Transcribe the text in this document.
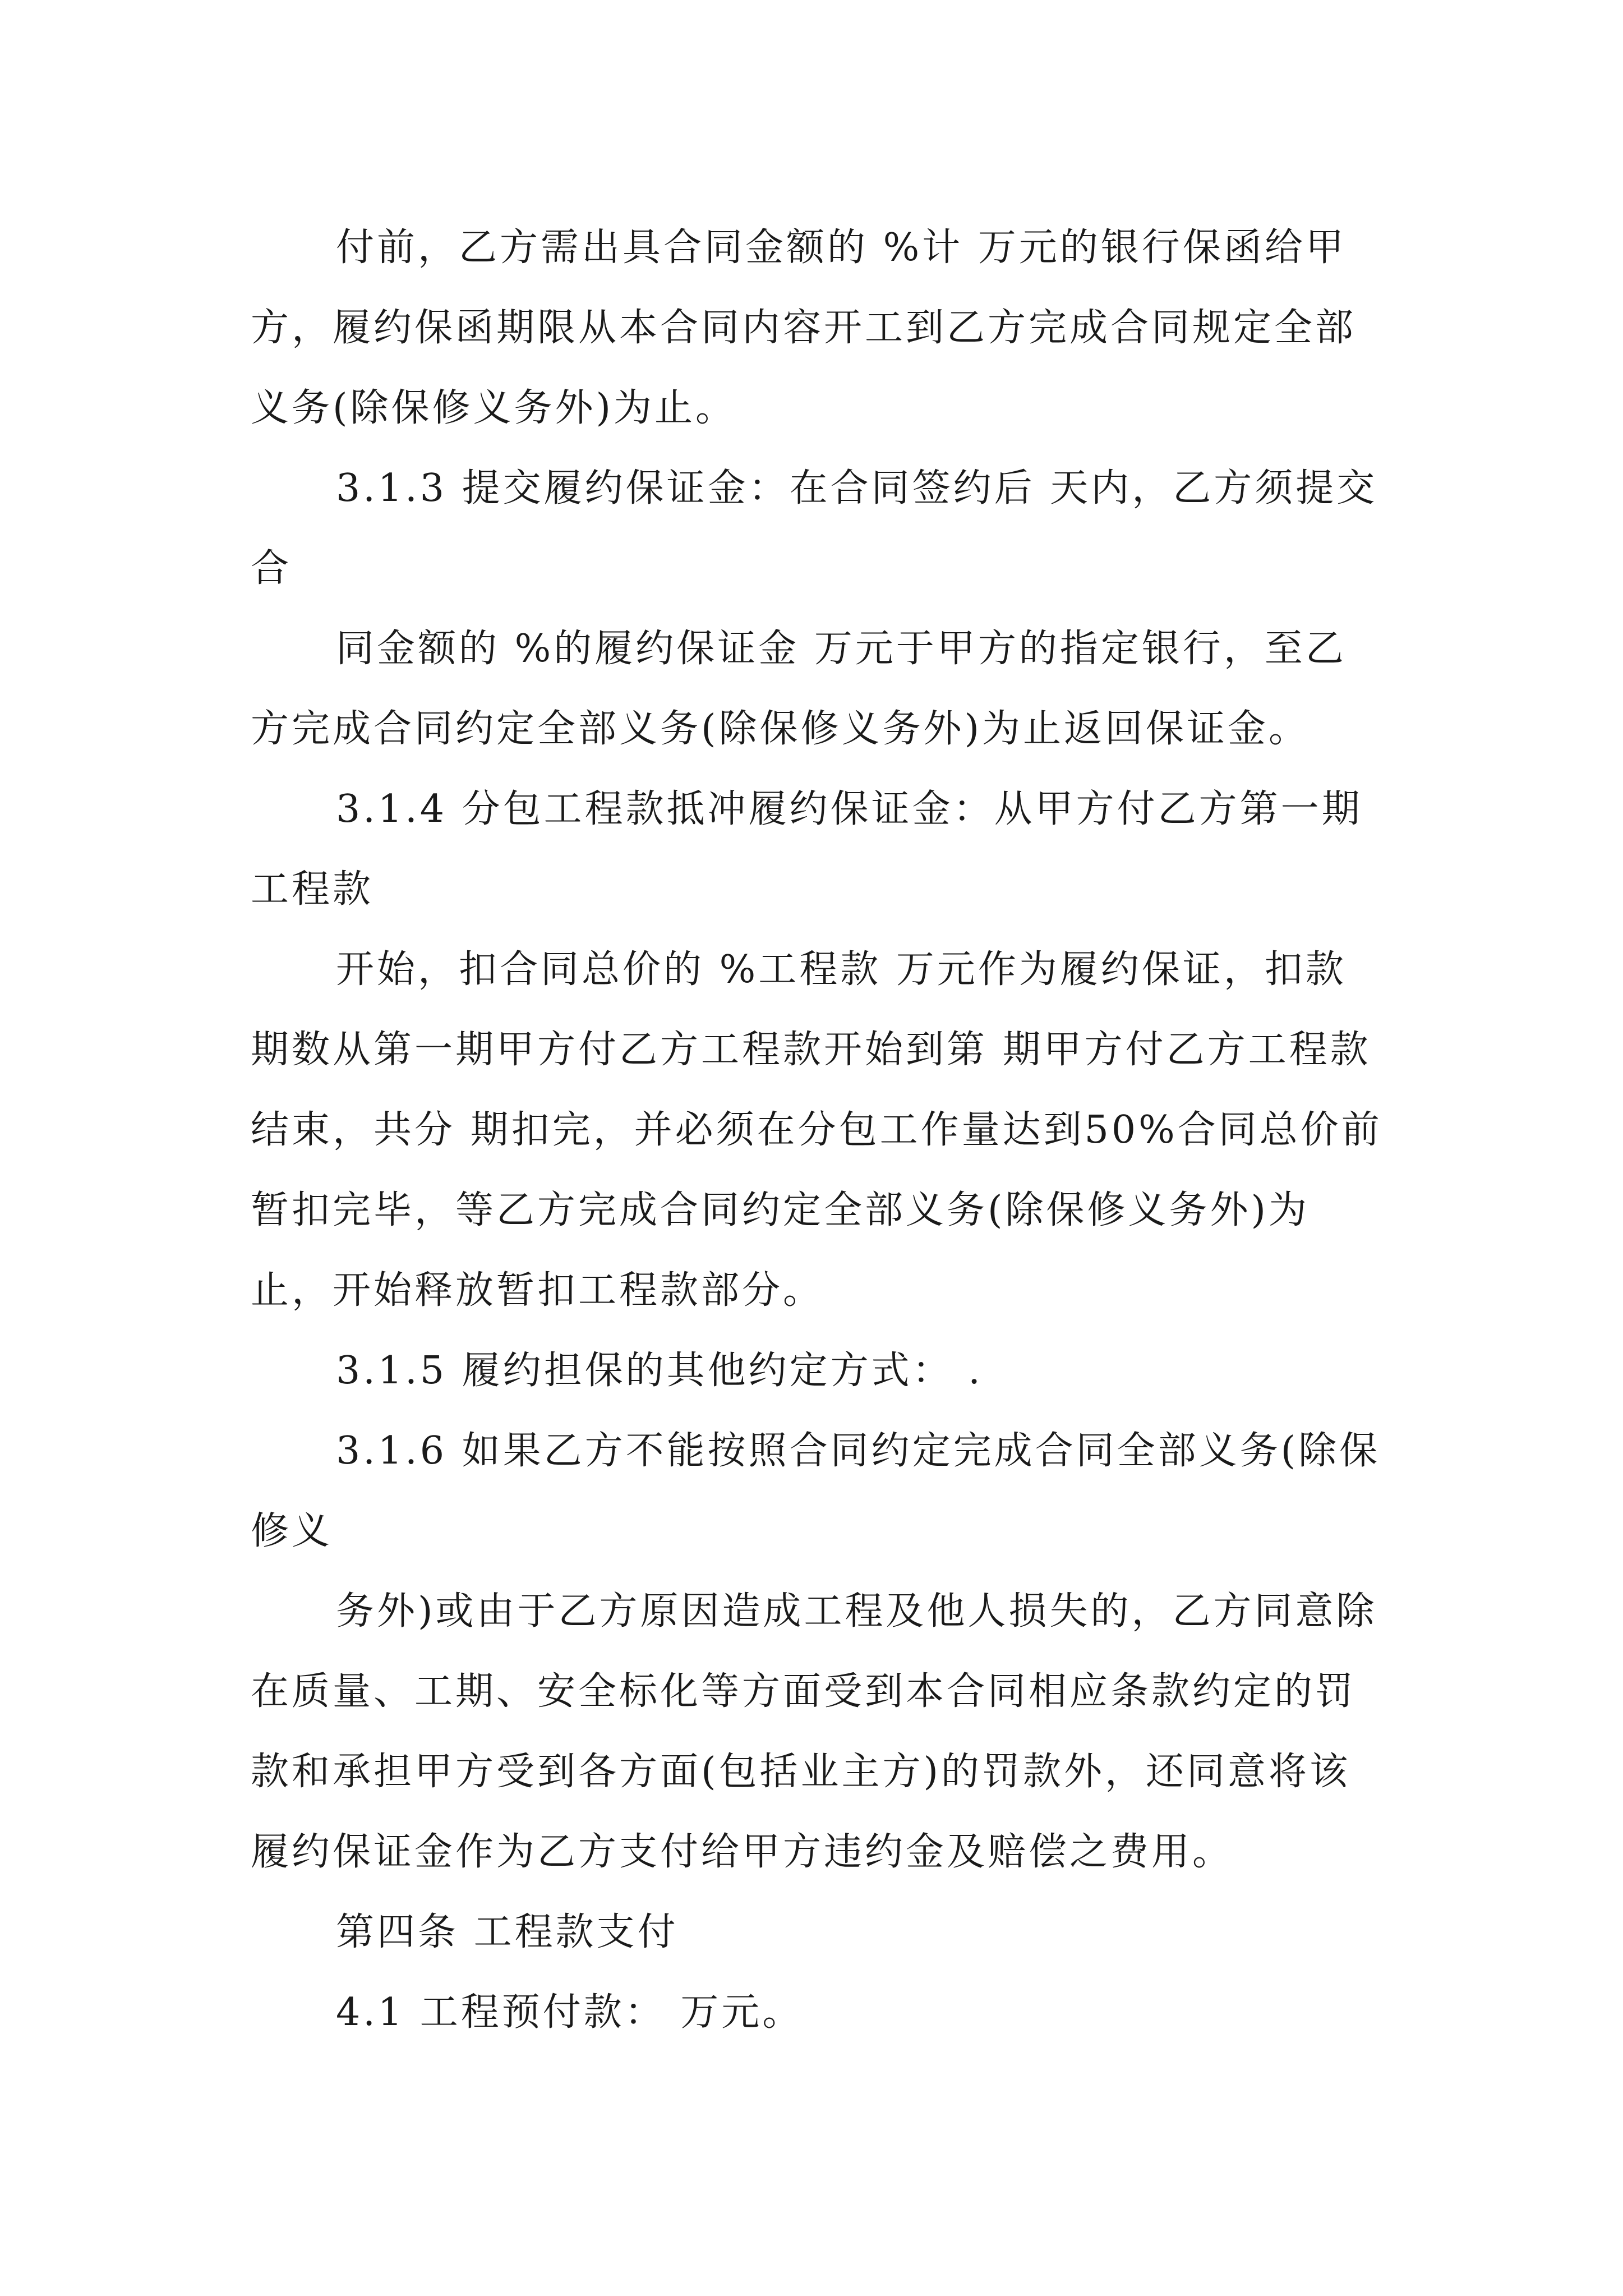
付前，乙方需出具合同金额的 %计 万元的银行保函给甲方，履约保函期限从本合同内容开工到乙方完成合同规定全部义务(除保修义务外)为止。

3.1.3 提交履约保证金：在合同签约后 天内，乙方须提交合

同金额的 %的履约保证金 万元于甲方的指定银行，至乙方完成合同约定全部义务(除保修义务外)为止返回保证金。

3.1.4 分包工程款抵冲履约保证金：从甲方付乙方第一期工程款

开始，扣合同总价的 %工程款 万元作为履约保证，扣款期数从第一期甲方付乙方工程款开始到第 期甲方付乙方工程款结束，共分 期扣完，并必须在分包工作量达到50%合同总价前暂扣完毕，等乙方完成合同约定全部义务(除保修义务外)为止，开始释放暂扣工程款部分。

3.1.5 履约担保的其他约定方式： .

3.1.6 如果乙方不能按照合同约定完成合同全部义务(除保修义

务外)或由于乙方原因造成工程及他人损失的，乙方同意除在质量、工期、安全标化等方面受到本合同相应条款约定的罚款和承担甲方受到各方面(包括业主方)的罚款外，还同意将该履约保证金作为乙方支付给甲方违约金及赔偿之费用。

第四条 工程款支付

4.1 工程预付款： 万元。
